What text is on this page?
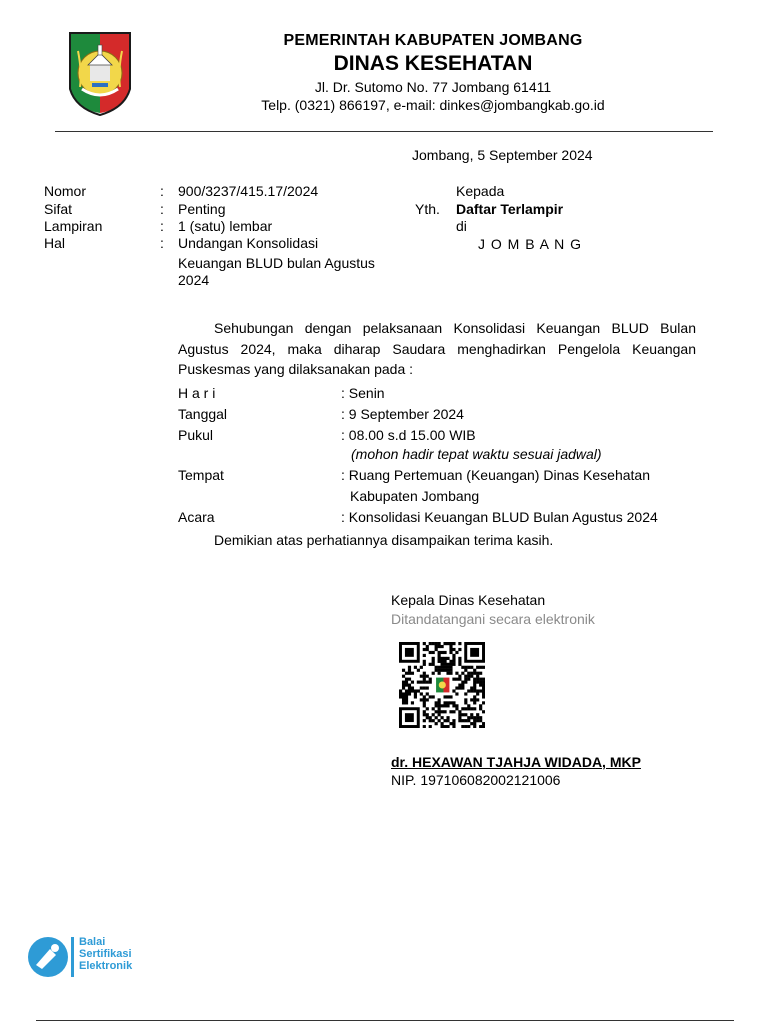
PEMERINTAH KABUPATEN JOMBANG
DINAS KESEHATAN
Jl. Dr. Sutomo No. 77 Jombang 61411
Telp. (0321) 866197, e-mail: dinkes@jombangkab.go.id
Jombang, 5 September 2024
Nomor	: 900/3237/415.17/2024
Sifat	: Penting
Lampiran	: 1 (satu) lembar
Hal	: Undangan Konsolidasi
Keuangan BLUD bulan Agustus
2024
Kepada
Yth. Daftar Terlampir
di
J O M B A N G
Sehubungan dengan pelaksanaan Konsolidasi Keuangan BLUD Bulan
Agustus 2024, maka diharap Saudara menghadirkan Pengelola Keuangan
Puskesmas yang dilaksanakan pada :
H a r i	: Senin
Tanggal	: 9 September 2024
Pukul	: 08.00 s.d 15.00 WIB
(mohon hadir tepat waktu sesuai jadwal)
Tempat	: Ruang Pertemuan (Keuangan) Dinas Kesehatan
Kabupaten Jombang
Acara	: Konsolidasi Keuangan BLUD Bulan Agustus 2024
Demikian atas perhatiannya disampaikan terima kasih.
Kepala Dinas Kesehatan
Ditandatangani secara elektronik
dr. HEXAWAN TJAHJA WIDADA, MKP
NIP. 197106082002121006
Balai
Sertifikasi
Elektronik
